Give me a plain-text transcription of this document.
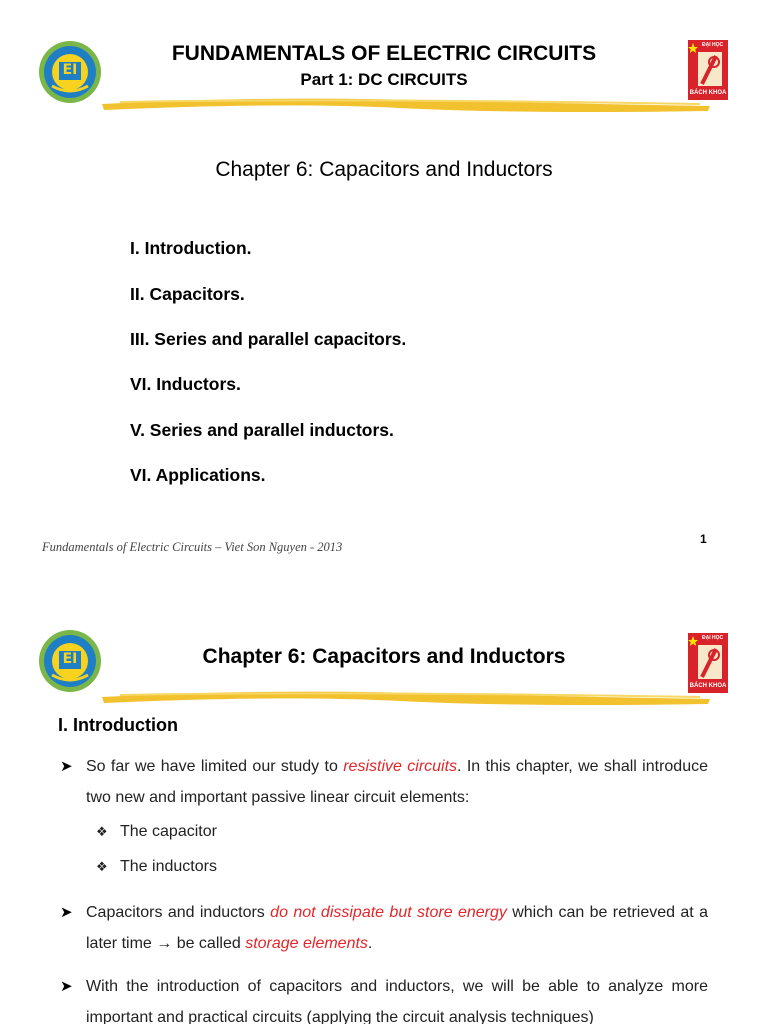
EI
ĐẠI HỌC
BÁCH KHOA
FUNDAMENTALS OF ELECTRIC CIRCUITS
Part 1: DC CIRCUITS
Chapter 6: Capacitors and Inductors
I. Introduction.
II. Capacitors.
III. Series and parallel capacitors.
VI. Inductors.
V. Series and parallel inductors.
VI. Applications.
Fundamentals of Electric Circuits – Viet Son Nguyen - 2013
1
EI
ĐẠI HỌC
BÁCH KHOA
Chapter 6: Capacitors and Inductors
I. Introduction
➤ So far we have limited our study to resistive circuits. In this chapter, we shall introduce two new and important passive linear circuit elements:
❖ The capacitor
❖ The inductors
➤ Capacitors and inductors do not dissipate but store energy which can be retrieved at a later time → be called storage elements.
➤ With the introduction of capacitors and inductors, we will be able to analyze more important and practical circuits (applying the circuit analysis techniques)
